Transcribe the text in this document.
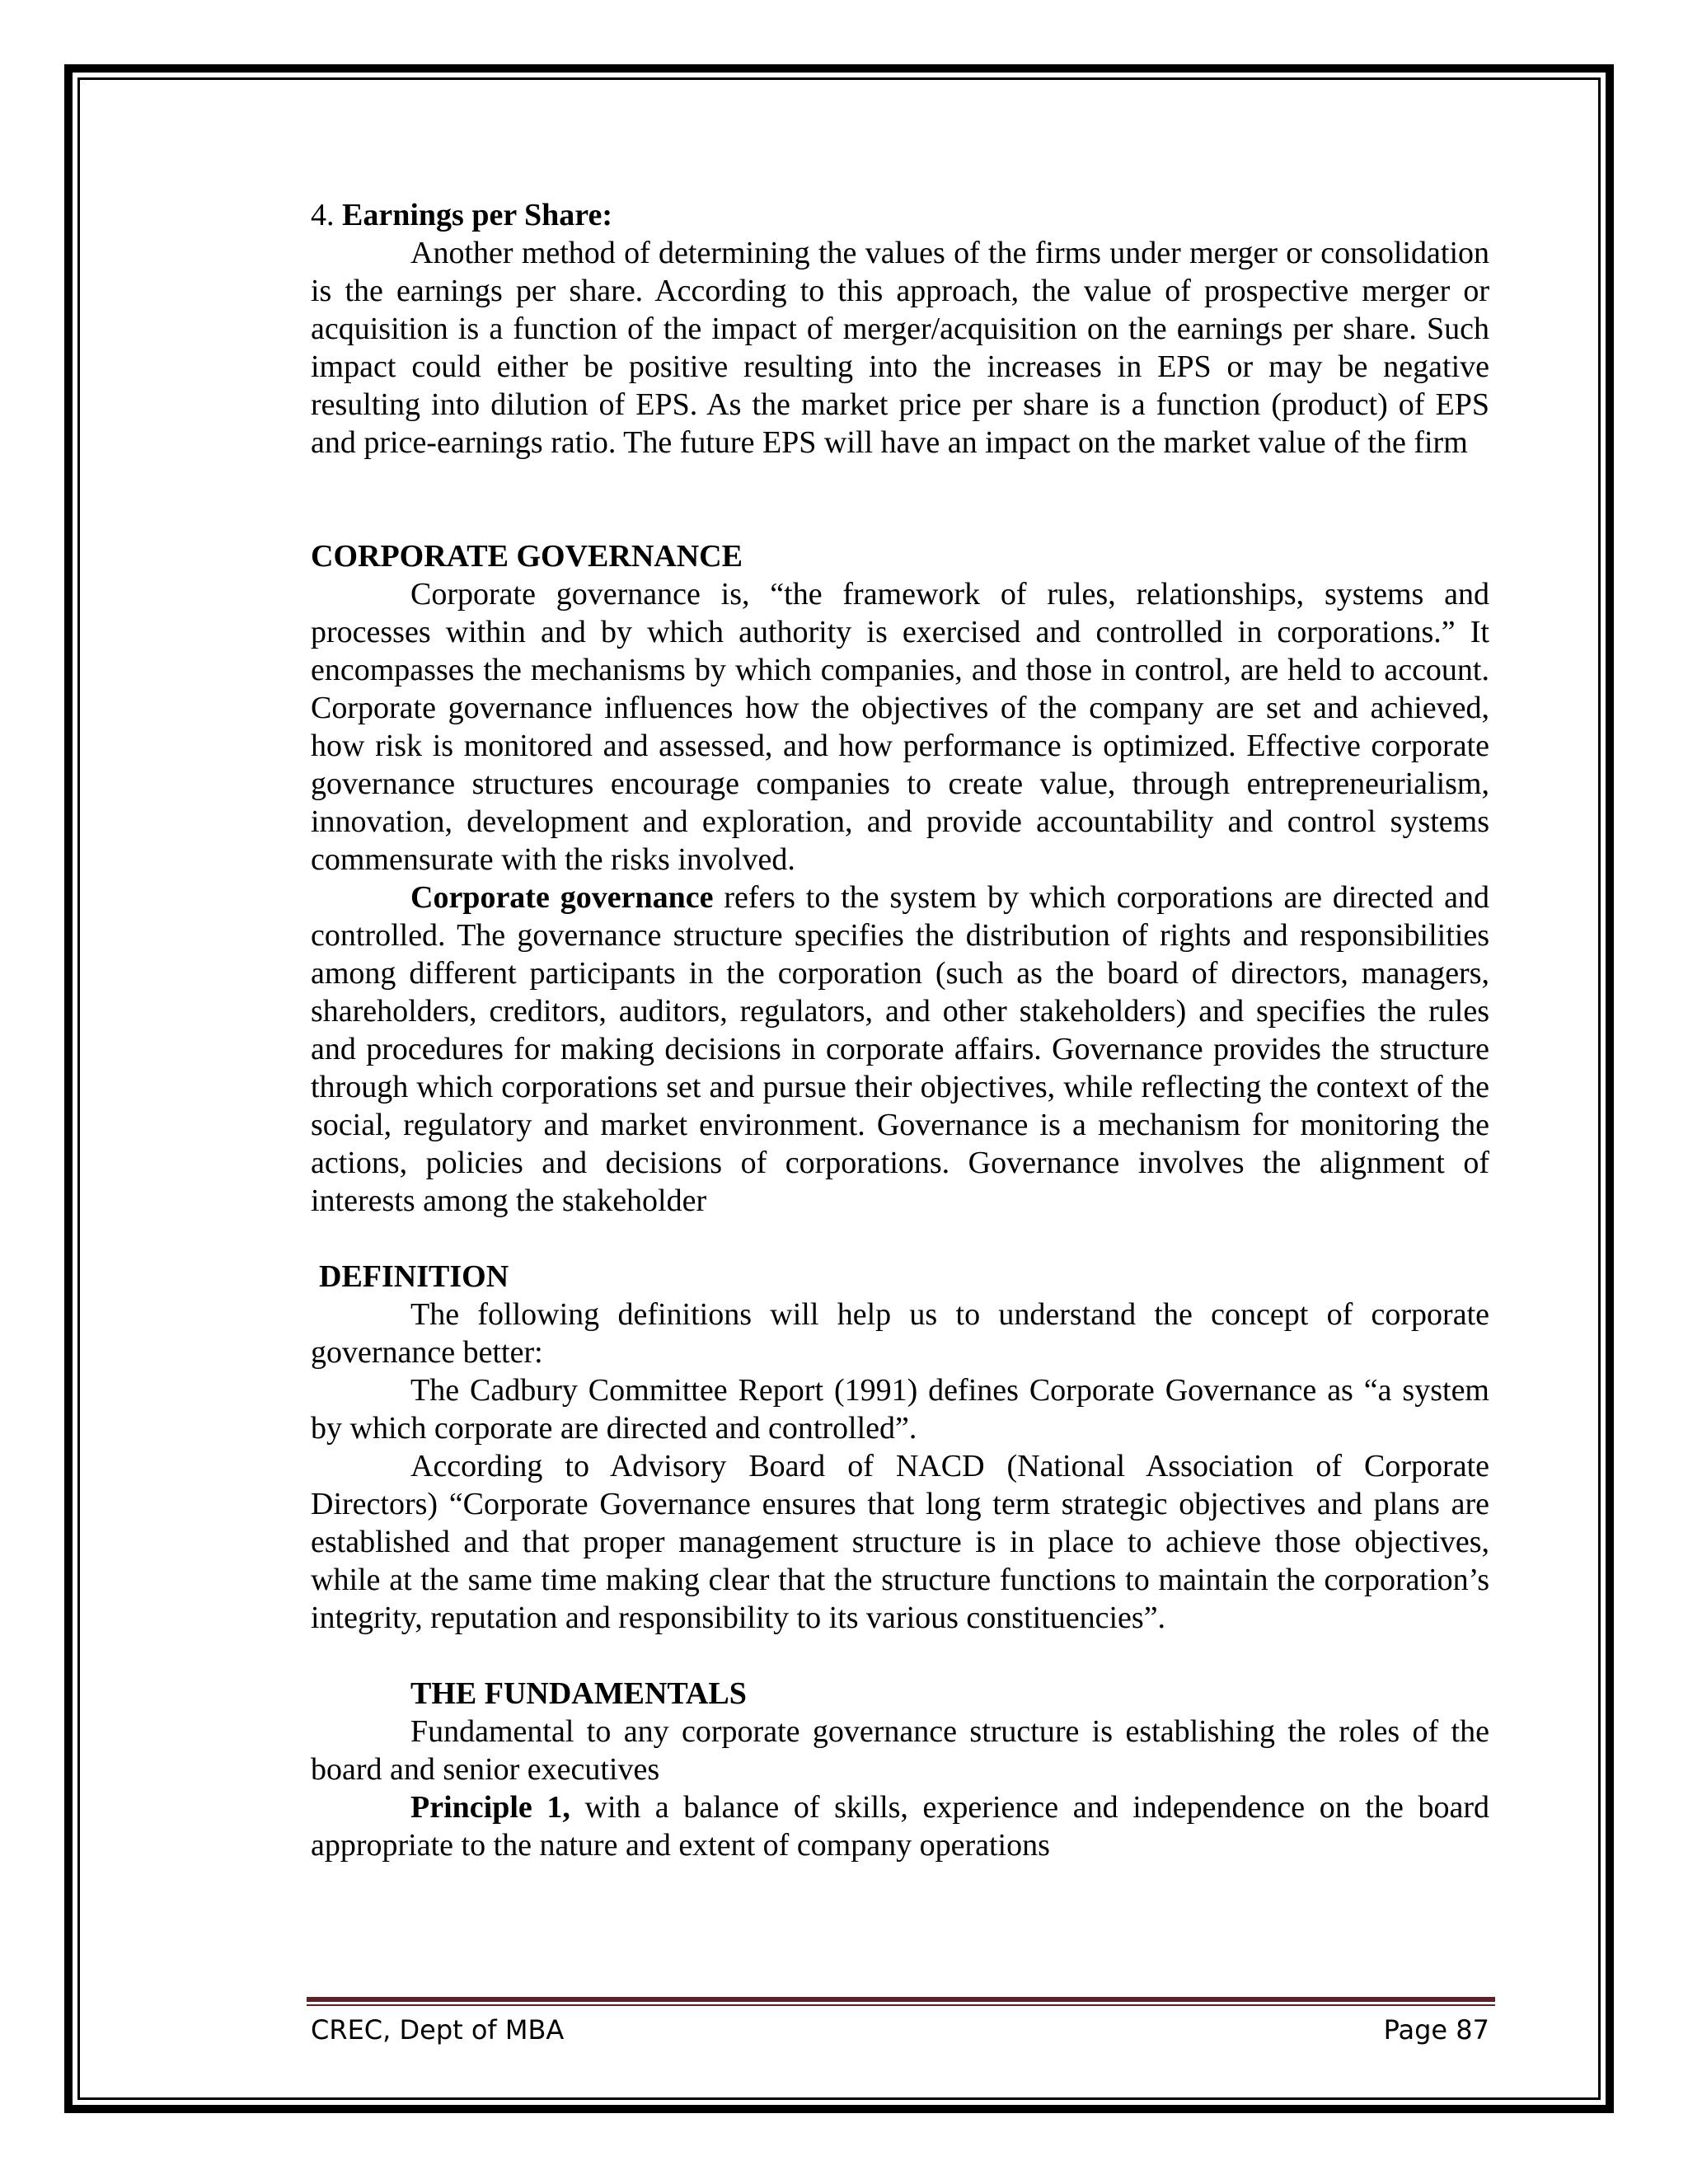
4. Earnings per Share:

Another method of determining the values of the firms under merger or consolidation is the earnings per share. According to this approach, the value of prospective merger or acquisition is a function of the impact of merger/acquisition on the earnings per share. Such impact could either be positive resulting into the increases in EPS or may be negative resulting into dilution of EPS. As the market price per share is a function (product) of EPS and price-earnings ratio. The future EPS will have an impact on the market value of the firm

CORPORATE GOVERNANCE

Corporate governance is, “the framework of rules, relationships, systems and processes within and by which authority is exercised and controlled in corporations.” It encompasses the mechanisms by which companies, and those in control, are held to account. Corporate governance influences how the objectives of the company are set and achieved, how risk is monitored and assessed, and how performance is optimized. Effective corporate governance structures encourage companies to create value, through entrepreneurialism, innovation, development and exploration, and provide accountability and control systems commensurate with the risks involved.

Corporate governance refers to the system by which corporations are directed and controlled. The governance structure specifies the distribution of rights and responsibilities among different participants in the corporation (such as the board of directors, managers, shareholders, creditors, auditors, regulators, and other stakeholders) and specifies the rules and procedures for making decisions in corporate affairs. Governance provides the structure through which corporations set and pursue their objectives, while reflecting the context of the social, regulatory and market environment. Governance is a mechanism for monitoring the actions, policies and decisions of corporations. Governance involves the alignment of interests among the stakeholder

DEFINITION

The following definitions will help us to understand the concept of corporate governance better:

The Cadbury Committee Report (1991) defines Corporate Governance as “a system by which corporate are directed and controlled”.

According to Advisory Board of NACD (National Association of Corporate Directors) “Corporate Governance ensures that long term strategic objectives and plans are established and that proper management structure is in place to achieve those objectives, while at the same time making clear that the structure functions to maintain the corporation’s integrity, reputation and responsibility to its various constituencies”.

THE FUNDAMENTALS

Fundamental to any corporate governance structure is establishing the roles of the board and senior executives

Principle 1, with a balance of skills, experience and independence on the board appropriate to the nature and extent of company operations

CREC, Dept of MBA	Page 87
